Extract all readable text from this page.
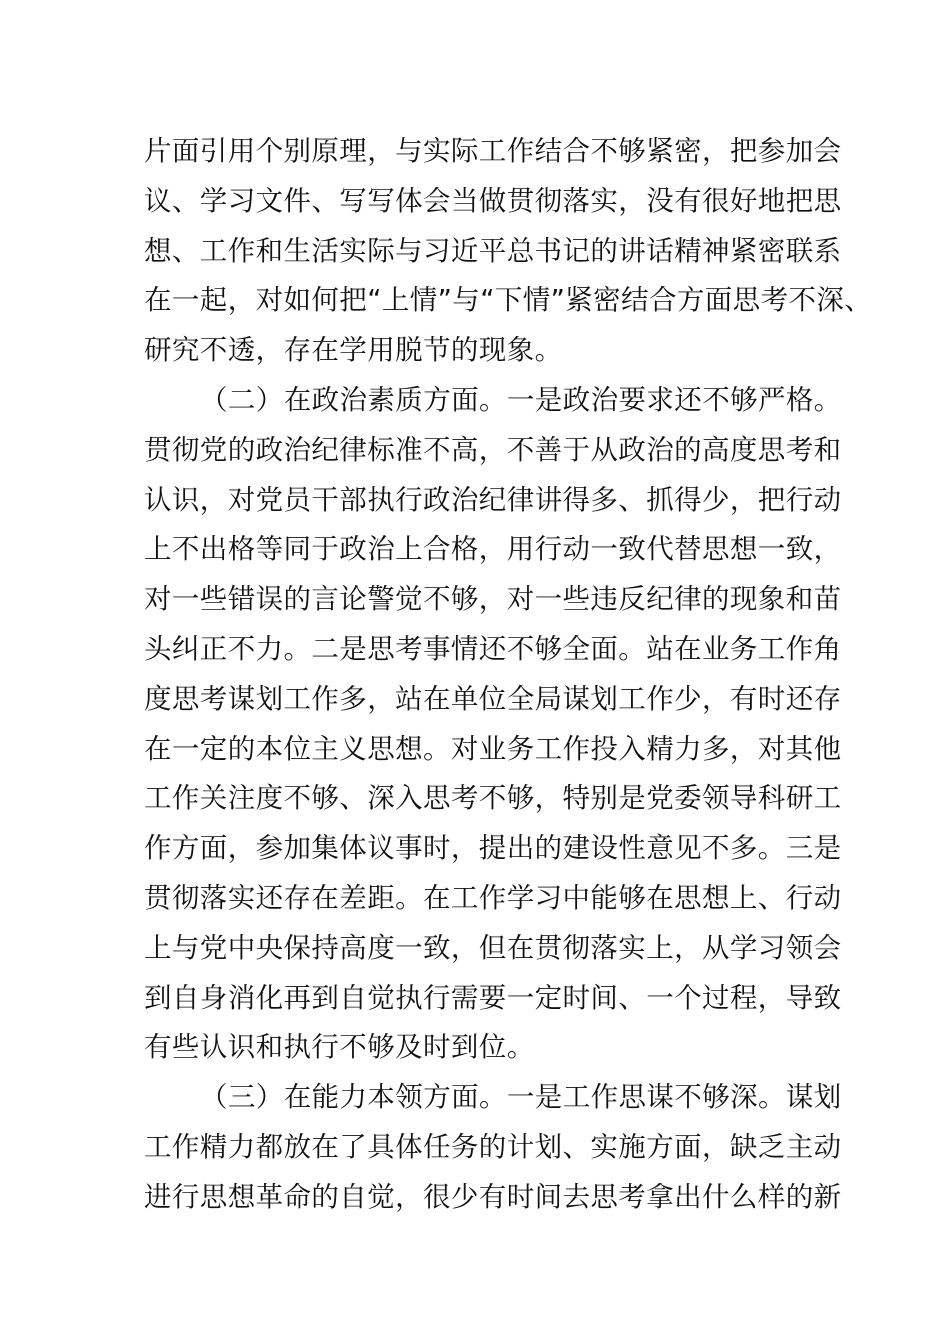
片面引用个别原理，与实际工作结合不够紧密，把参加会
议、学习文件、写写体会当做贯彻落实，没有很好地把思
想、工作和生活实际与习近平总书记的讲话精神紧密联系
在一起，对如何把“上情”与“下情”紧密结合方面思考不深、
研究不透，存在学用脱节的现象。
（二）在政治素质方面。一是政治要求还不够严格。
贯彻党的政治纪律标准不高，不善于从政治的高度思考和
认识，对党员干部执行政治纪律讲得多、抓得少，把行动
上不出格等同于政治上合格，用行动一致代替思想一致，
对一些错误的言论警觉不够，对一些违反纪律的现象和苗
头纠正不力。二是思考事情还不够全面。站在业务工作角
度思考谋划工作多，站在单位全局谋划工作少，有时还存
在一定的本位主义思想。对业务工作投入精力多，对其他
工作关注度不够、深入思考不够，特别是党委领导科研工
作方面，参加集体议事时，提出的建设性意见不多。三是
贯彻落实还存在差距。在工作学习中能够在思想上、行动
上与党中央保持高度一致，但在贯彻落实上，从学习领会
到自身消化再到自觉执行需要一定时间、一个过程，导致
有些认识和执行不够及时到位。
（三）在能力本领方面。一是工作思谋不够深。谋划
工作精力都放在了具体任务的计划、实施方面，缺乏主动
进行思想革命的自觉，很少有时间去思考拿出什么样的新
